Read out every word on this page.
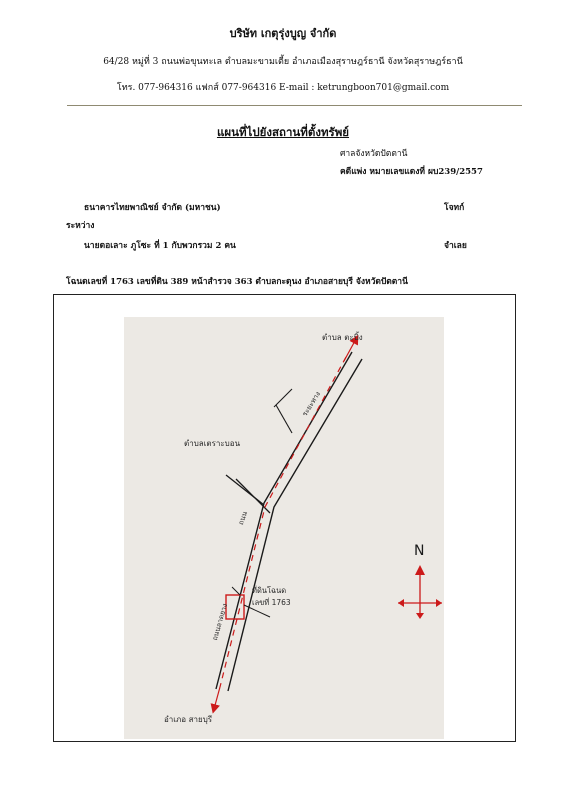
บริษัท เกตุรุ่งบูญ จำกัด
64/28 หมู่ที่ 3 ถนนพ่อขุนทะเล ตำบลมะขามเตี้ย อำเภอเมืองสุราษฎร์ธานี จังหวัดสุราษฎร์ธานี
โทร. 077-964316 แฟกส์ 077-964316 E-mail : ketrungboon701@gmail.com
แผนที่ไปยังสถานที่ตั้งทรัพย์
ศาลจังหวัดปัตตานี
คดีแพ่ง หมายเลขแดงที่ ผบ239/2557
ธนาคารไทยพาณิชย์ จำกัด (มหาชน)	โจทก์
ระหว่าง
นายดอเลาะ ภูโซะ ที่ 1 กับพวกรวม 2 คน	จำเลย
โฉนดเลขที่ 1763 เลขที่ดิน 389 หน้าสำรวจ 363 ตำบลกะดุนง อำเภอสายบุรี จังหวัดปัตตานี
ตำบล ตะบิ้ง
ตำบลเตราะบอน
อำเภอ สายบุรี
ที่ดินโฉนด
เลขที่ 1763
ถนน
ระยะทาง
ถนนลาดยาง
N
